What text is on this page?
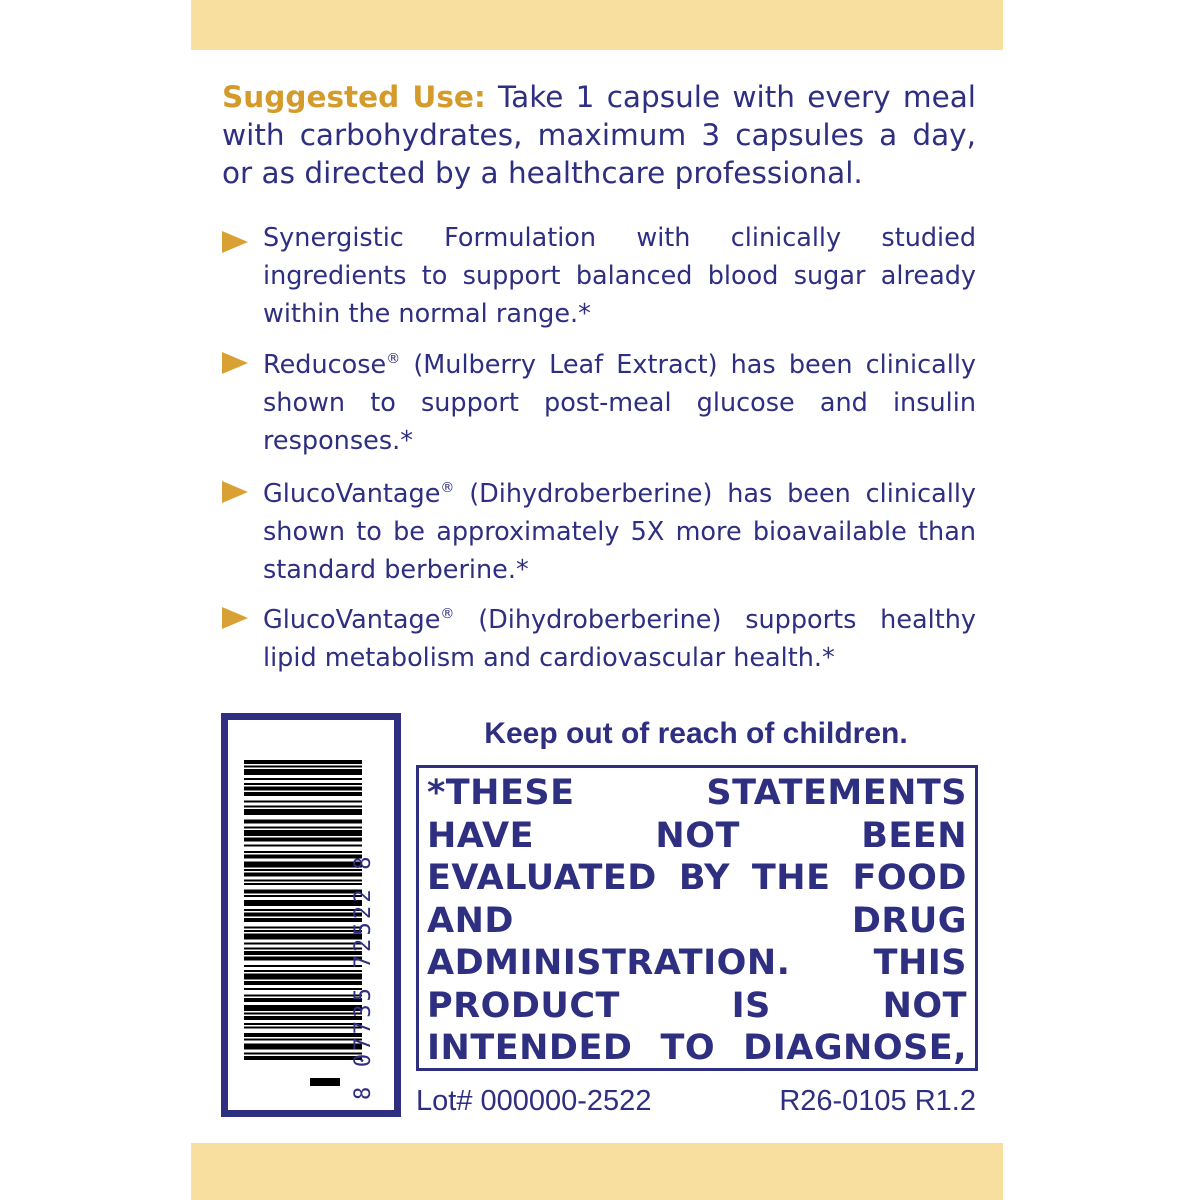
Suggested Use: Take 1 capsule with every meal with carbohydrates, maximum 3 capsules a day, or as directed by a healthcare professional.
Synergistic Formulation with clinically studied ingredients to support balanced blood sugar already within the normal range.*
Reducose® (Mulberry Leaf Extract) has been clinically shown to support post-meal glucose and insulin responses.*
GlucoVantage® (Dihydroberberine) has been clinically shown to be approximately 5X more bioavailable than standard berberine.*
GlucoVantage® (Dihydroberberine) supports healthy lipid metabolism and cardiovascular health.*
8 07735 72522 8
Keep out of reach of children.
*THESE STATEMENTS HAVE NOT BEEN EVALUATED BY THE FOOD AND DRUG ADMINISTRATION. THIS PRODUCT IS NOT INTENDED TO DIAGNOSE,
Lot# 000000-2522	R26-0105 R1.2
